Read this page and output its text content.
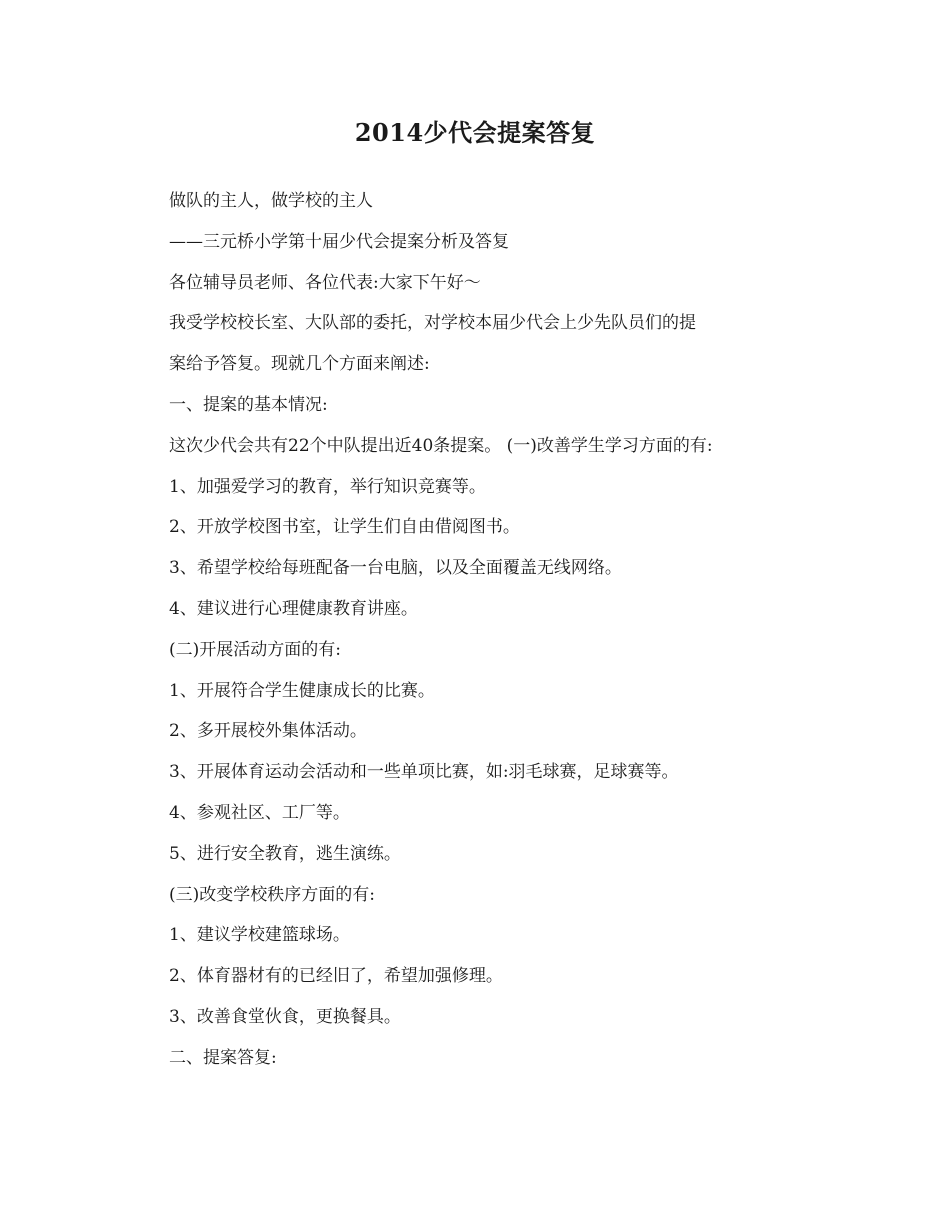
2014少代会提案答复
做队的主人，做学校的主人
——三元桥小学第十届少代会提案分析及答复
各位辅导员老师、各位代表:大家下午好～
我受学校校长室、大队部的委托，对学校本届少代会上少先队员们的提
案给予答复。现就几个方面来阐述:
一、提案的基本情况:
这次少代会共有22个中队提出近40条提案。 (一)改善学生学习方面的有:
1、加强爱学习的教育，举行知识竞赛等。
2、开放学校图书室，让学生们自由借阅图书。
3、希望学校给每班配备一台电脑，以及全面覆盖无线网络。
4、建议进行心理健康教育讲座。
(二)开展活动方面的有:
1、开展符合学生健康成长的比赛。
2、多开展校外集体活动。
3、开展体育运动会活动和一些单项比赛，如:羽毛球赛，足球赛等。
4、参观社区、工厂等。
5、进行安全教育，逃生演练。
(三)改变学校秩序方面的有:
1、建议学校建篮球场。
2、体育器材有的已经旧了，希望加强修理。
3、改善食堂伙食，更换餐具。
二、提案答复:
